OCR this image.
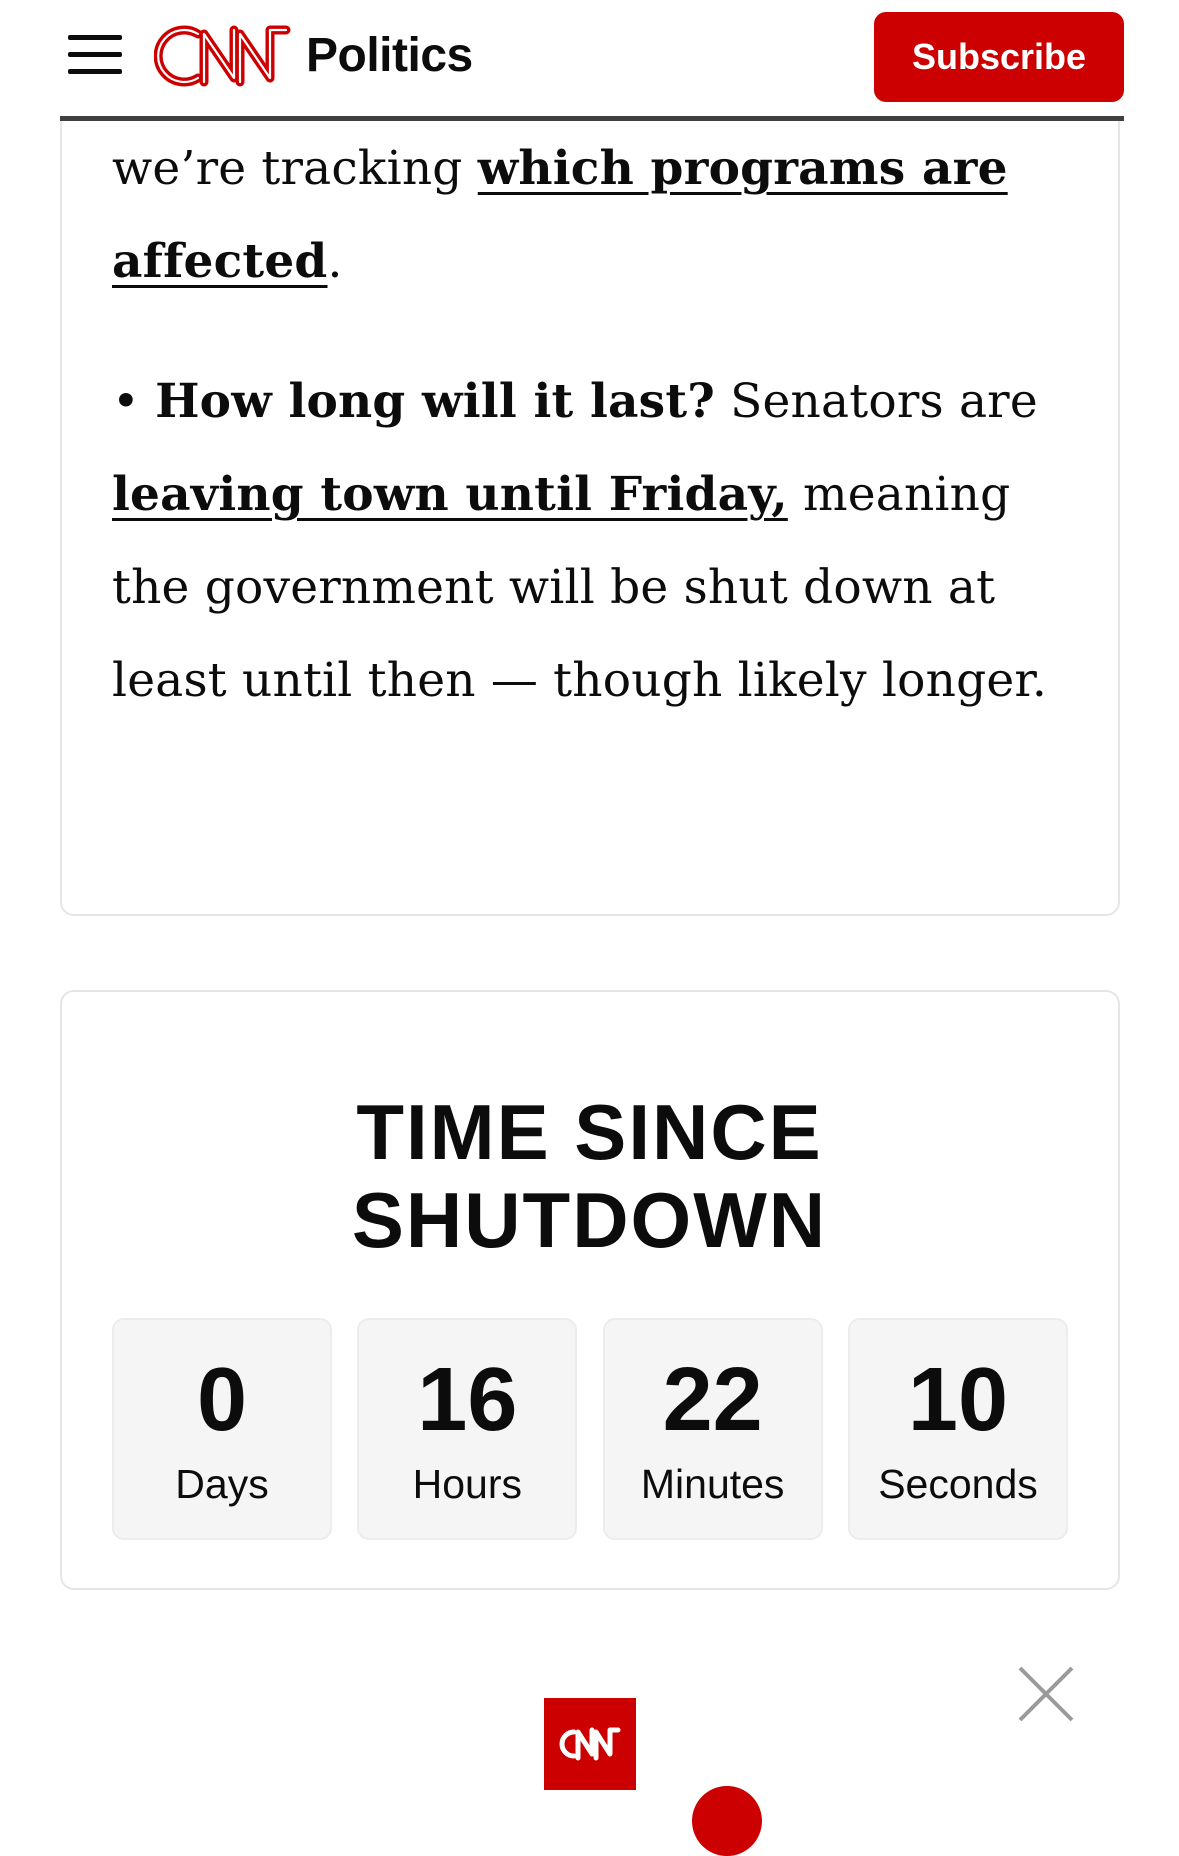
we’re tracking which programs are affected.

• How long will it last? Senators are leaving town until Friday, meaning the government will be shut down at least until then — though likely longer.

Politics	Subscribe
TIME SINCE SHUTDOWN
0
Days
16
Hours
22
Minutes
10
Seconds
